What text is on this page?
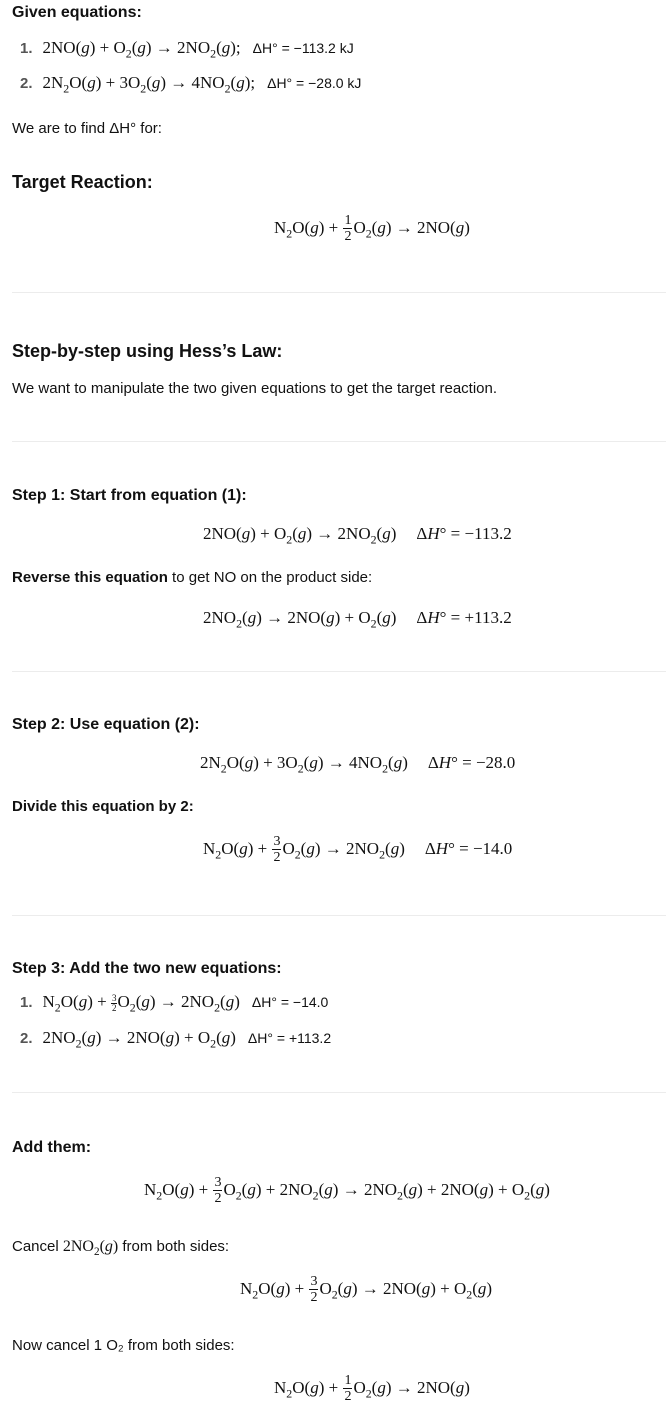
Given equations:
1. $2NO(g) + O_2(g) \to 2NO_2(g)$; ΔH° = −113.2 kJ
2. $2N_2O(g) + 3O_2(g) \to 4NO_2(g)$; ΔH° = −28.0 kJ
We are to find ΔH° for:
Target Reaction:
$N_2O(g) + \frac{1}{2} O_2(g) \to 2NO(g)$
Step-by-step using Hess’s Law:
We want to manipulate the two given equations to get the target reaction.
Step 1: Start from equation (1):
$2NO(g) + O_2(g) \to 2NO_2(g) \Delta H^\circ = -113.2$
Reverse this equation to get NO on the product side:
$2NO_2(g) \to 2NO(g) + O_2(g) \Delta H^\circ = +113.2$
Step 2: Use equation (2):
$2N_2O(g) + 3O_2(g) \to 4NO_2(g) \Delta H^\circ = -28.0$
Divide this equation by 2:
$N_2O(g) + \frac{3}{2} O_2(g) \to 2NO_2(g) \Delta H^\circ = -14.0$
Step 3: Add the two new equations:
1. $N_2O(g) + \frac{3}{2} O_2(g) \to 2NO_2(g) \Delta H^\circ = -14.0$
2. $2NO_2(g) \to 2NO(g) + O_2(g) \Delta H^\circ = +113.2$
Add them:
$N_2O(g) + \frac{3}{2} O_2(g) + 2NO_2(g) \to 2NO_2(g) + 2NO(g) + O_2(g)$
Cancel $2NO_2(g)$ from both sides:
$N_2O(g) + \frac{3}{2} O_2(g) \to 2NO(g) + O_2(g)$
Now cancel 1 O₂ from both sides:
$N_2O(g) + \frac{1}{2} O_2(g) \to 2NO(g)$
